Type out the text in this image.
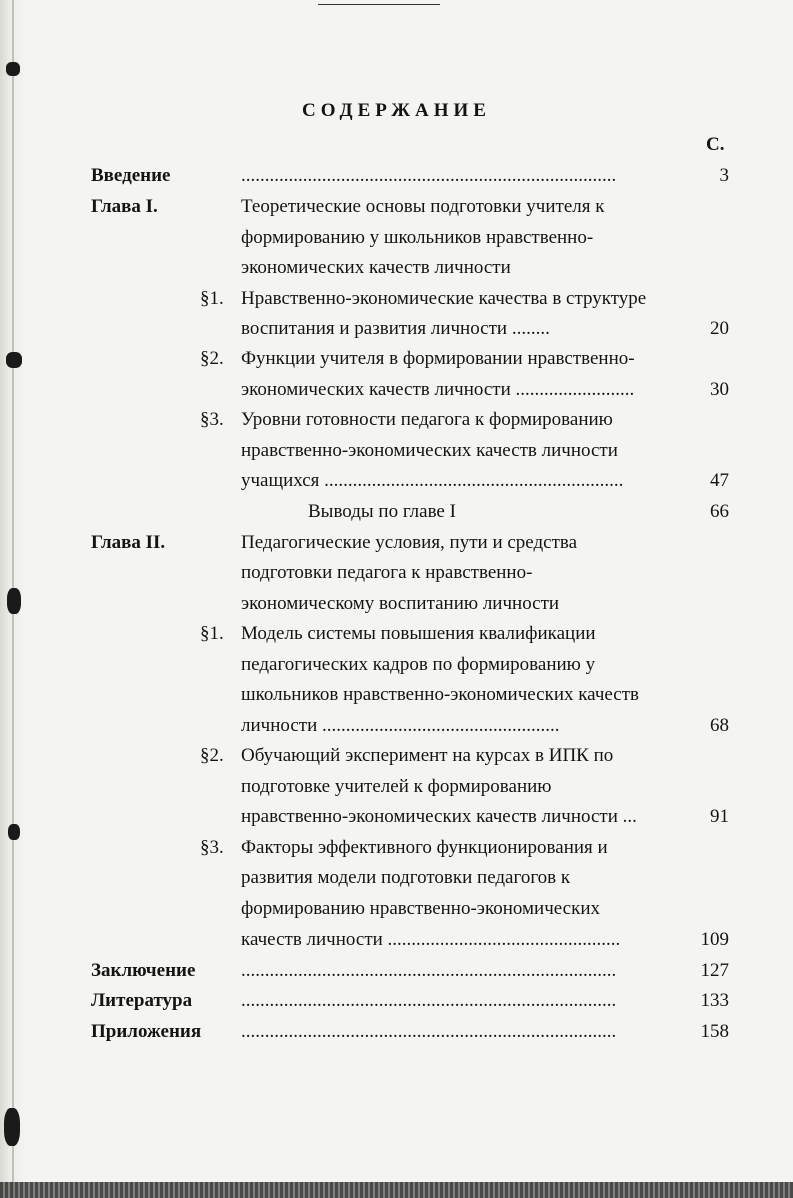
СОДЕРЖАНИЕ
С.
Введение	...............................................................................	3
Глава I.	Теоретические основы подготовки учителя к
формированию у школьников нравственно-
экономических качеств личности
§1. Нравственно-экономические качества в структуре
воспитания и развития личности ........	20
§2. Функции учителя в формировании нравственно-
экономических качеств личности .........................	30
§3. Уровни готовности педагога к формированию
нравственно-экономических качеств личности
учащихся ...............................................................	47
Выводы по главе I	66
Глава II.	Педагогические условия, пути и средства
подготовки педагога к нравственно-
экономическому воспитанию личности
§1. Модель системы повышения квалификации
педагогических кадров по формированию у
школьников нравственно-экономических качеств
личности ..................................................	68
§2. Обучающий эксперимент на курсах в ИПК по
подготовке учителей к формированию
нравственно-экономических качеств личности ...	91
§3. Факторы эффективного функционирования и
развития модели подготовки педагогов к
формированию нравственно-экономических
качеств личности .................................................	109
Заключение ...............................................................................	127
Литература	...............................................................................	133
Приложения ...............................................................................	158
